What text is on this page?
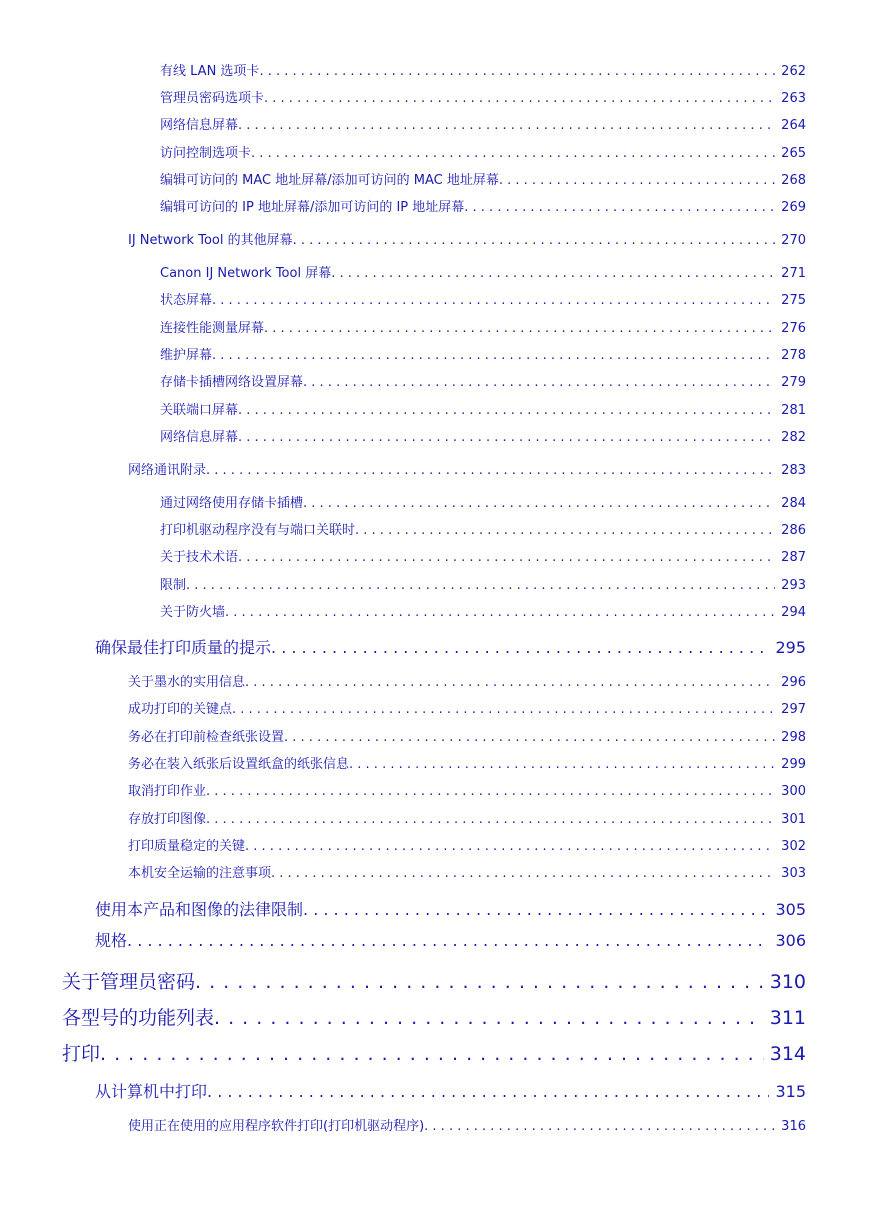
有线 LAN 选项卡 . . .	262
管理员密码选项卡 . . .	263
网络信息屏幕 . . .	264
访问控制选项卡 . . .	265
编辑可访问的 MAC 地址屏幕/添加可访问的 MAC 地址屏幕 . . .	268
编辑可访问的 IP 地址屏幕/添加可访问的 IP 地址屏幕 . . .	269
IJ Network Tool 的其他屏幕 . . .	270
Canon IJ Network Tool 屏幕 . . .	271
状态屏幕 . . .	275
连接性能测量屏幕 . . .	276
维护屏幕 . . .	278
存储卡插槽网络设置屏幕 . . .	279
关联端口屏幕 . . .	281
网络信息屏幕 . . .	282
网络通讯附录 . . .	283
通过网络使用存储卡插槽 . . .	284
打印机驱动程序没有与端口关联时 . . .	286
关于技术术语 . . .	287
限制 . . .	293
关于防火墙 . . .	294
确保最佳打印质量的提示 . . .	295
关于墨水的实用信息 . . .	296
成功打印的关键点 . . .	297
务必在打印前检查纸张设置 . . .	298
务必在装入纸张后设置纸盒的纸张信息 . . .	299
取消打印作业 . . .	300
存放打印图像 . . .	301
打印质量稳定的关键 . . .	302
本机安全运输的注意事项 . . .	303
使用本产品和图像的法律限制 . . .	305
规格 . . .	306
关于管理员密码 . . .	310
各型号的功能列表 . . .	311
打印 . . .	314
从计算机中打印 . . .	315
使用正在使用的应用程序软件打印(打印机驱动程序) . . .	316
